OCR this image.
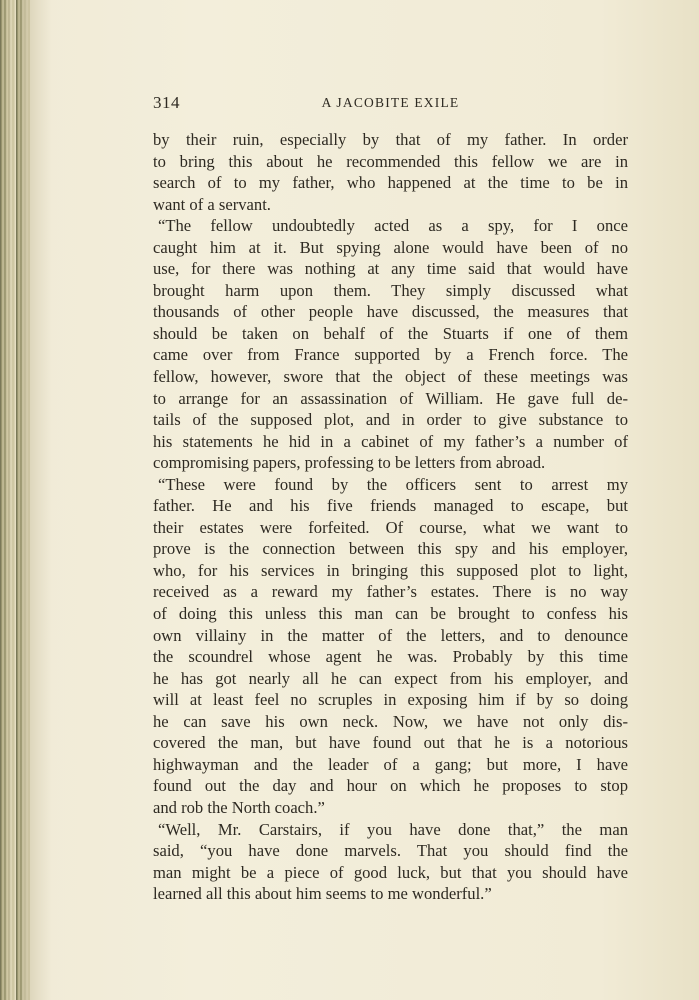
314	A JACOBITE EXILE
by their ruin, especially by that of my father. In order
to bring this about he recommended this fellow we are in
search of to my father, who happened at the time to be in
want of a servant.
“The fellow undoubtedly acted as a spy, for I once
caught him at it. But spying alone would have been of no
use, for there was nothing at any time said that would have
brought harm upon them. They simply discussed what
thousands of other people have discussed, the measures that
should be taken on behalf of the Stuarts if one of them
came over from France supported by a French force. The
fellow, however, swore that the object of these meetings was
to arrange for an assassination of William. He gave full de-
tails of the supposed plot, and in order to give substance to
his statements he hid in a cabinet of my father’s a number of
compromising papers, professing to be letters from abroad.
“These were found by the officers sent to arrest my
father. He and his five friends managed to escape, but
their estates were forfeited. Of course, what we want to
prove is the connection between this spy and his employer,
who, for his services in bringing this supposed plot to light,
received as a reward my father’s estates. There is no way
of doing this unless this man can be brought to confess his
own villainy in the matter of the letters, and to denounce
the scoundrel whose agent he was. Probably by this time
he has got nearly all he can expect from his employer, and
will at least feel no scruples in exposing him if by so doing
he can save his own neck. Now, we have not only dis-
covered the man, but have found out that he is a notorious
highwayman and the leader of a gang; but more, I have
found out the day and hour on which he proposes to stop
and rob the North coach.”
“Well, Mr. Carstairs, if you have done that,” the man
said, “you have done marvels. That you should find the
man might be a piece of good luck, but that you should have
learned all this about him seems to me wonderful.”
